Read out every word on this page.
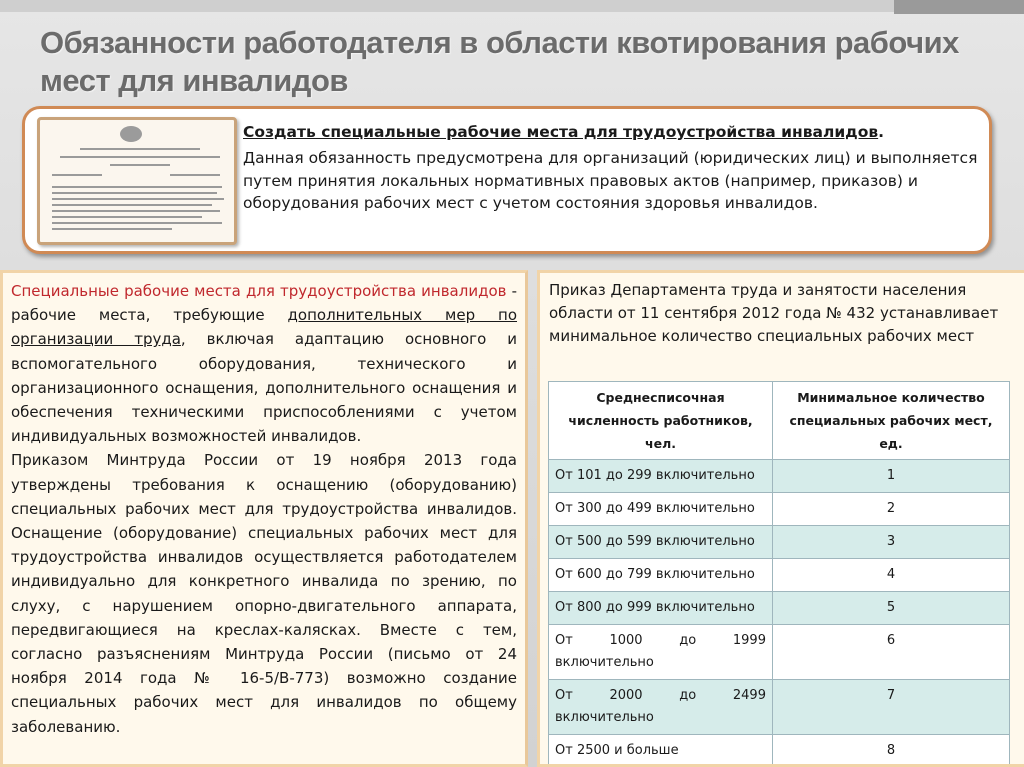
Обязанности работодателя в области квотирования рабочих мест для инвалидов
Создать специальные рабочие места для трудоустройства инвалидов.

Данная обязанность предусмотрена для организаций (юридических лиц) и выполняется путем принятия локальных нормативных правовых актов (например, приказов) и оборудования рабочих мест с учетом состояния здоровья инвалидов.

Специальные рабочие места для трудоустройства инвалидов - рабочие места, требующие дополнительных мер по организации труда, включая адаптацию основного и вспомогательного оборудования, технического и организационного оснащения, дополнительного оснащения и обеспечения техническими приспособлениями с учетом индивидуальных возможностей инвалидов.

Приказом Минтруда России от 19 ноября 2013 года утверждены требования к оснащению (оборудованию) специальных рабочих мест для трудоустройства инвалидов. Оснащение (оборудование) специальных рабочих мест для трудоустройства инвалидов осуществляется работодателем индивидуально для конкретного инвалида по зрению, по слуху, с нарушением опорно-двигательного аппарата, передвигающиеся на креслах-калясках. Вместе с тем, согласно разъяснениям Минтруда России (письмо от 24 ноября 2014 года № 16-5/В-773) возможно создание специальных рабочих мест для инвалидов по общему заболеванию.

Приказ Департамента труда и занятости населения области от 11 сентября 2012 года № 432 устанавливает минимальное количество специальных рабочих мест

Среднесписочная численность работников, чел.	Минимальное количество специальных рабочих мест, ед.
От 101 до 299 включительно	1
От 300 до 499 включительно	2
От 500 до 599 включительно	3
От 600 до 799 включительно	4
От 800 до 999 включительно	5

От 1000 до 1999
включительно	6

От 2000 до 2499
включительно	7
От 2500 и больше	8
